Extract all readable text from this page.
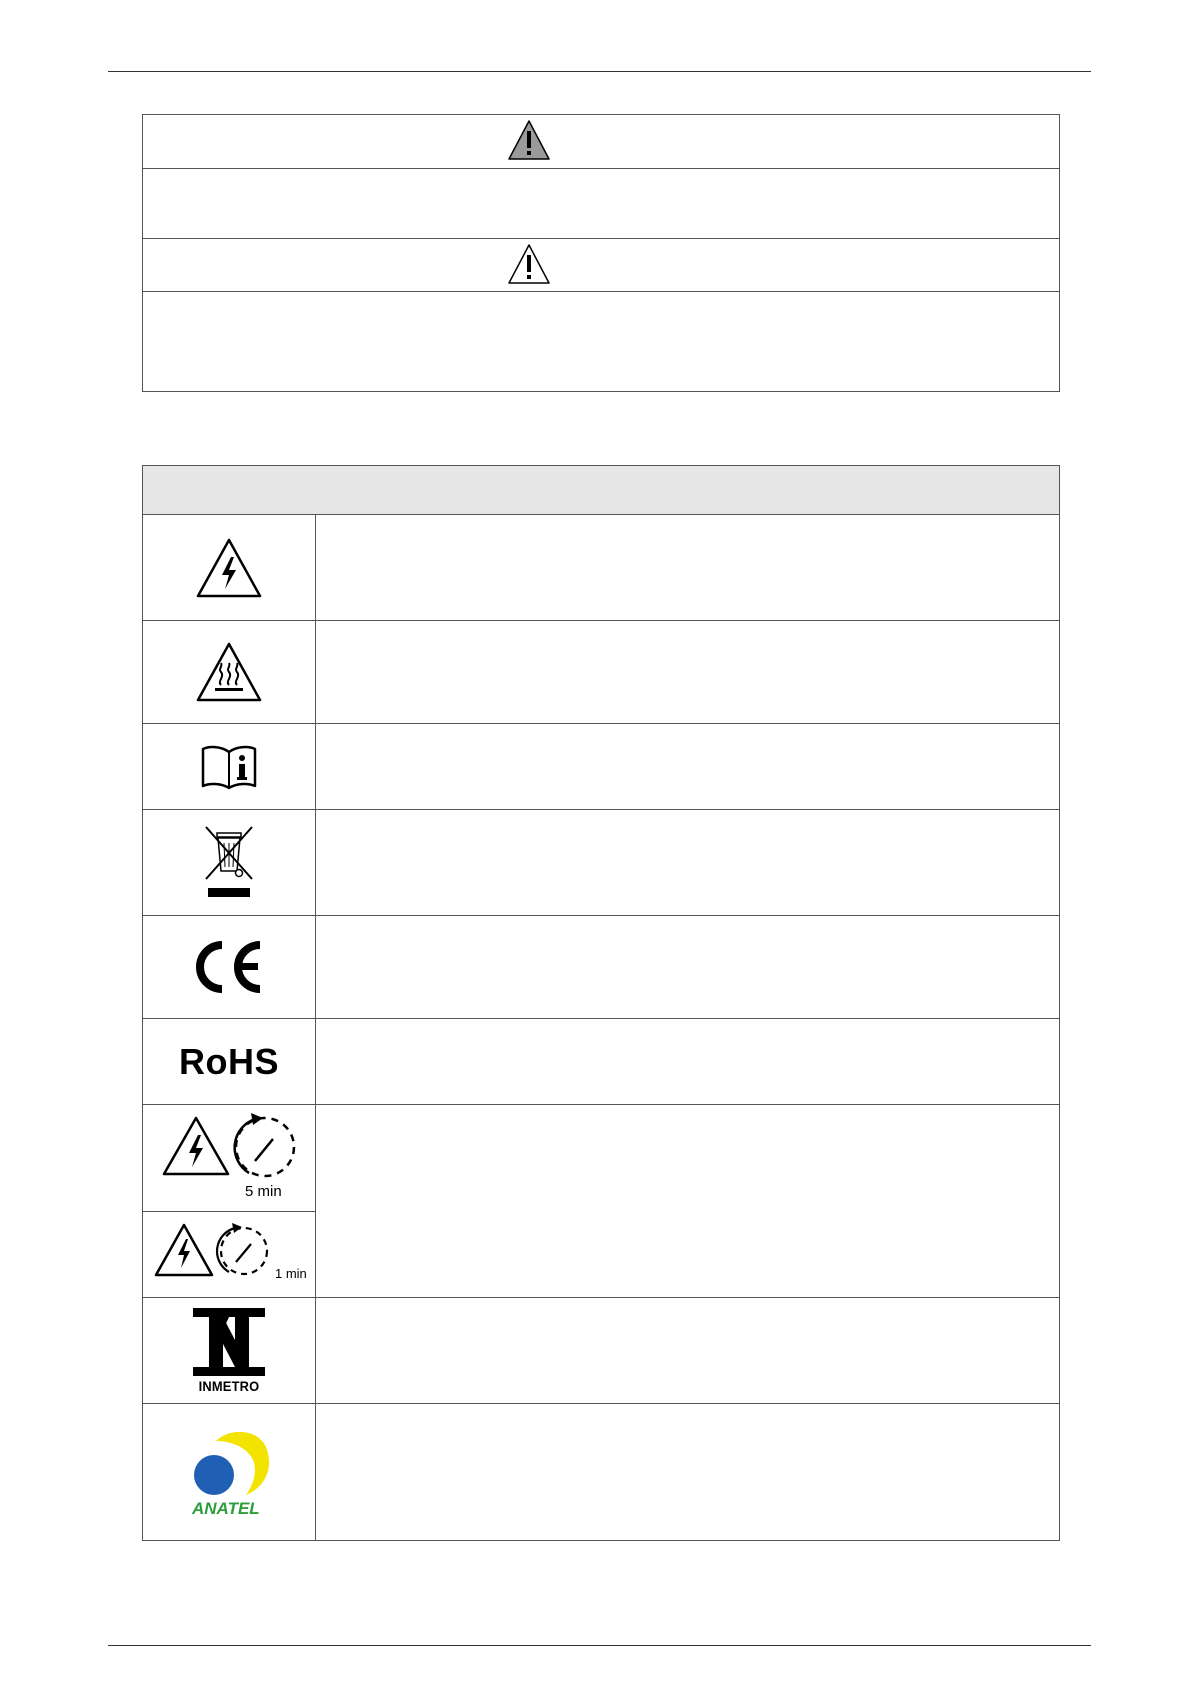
RoHS
5 min
1 min
INMETRO
ANATEL
